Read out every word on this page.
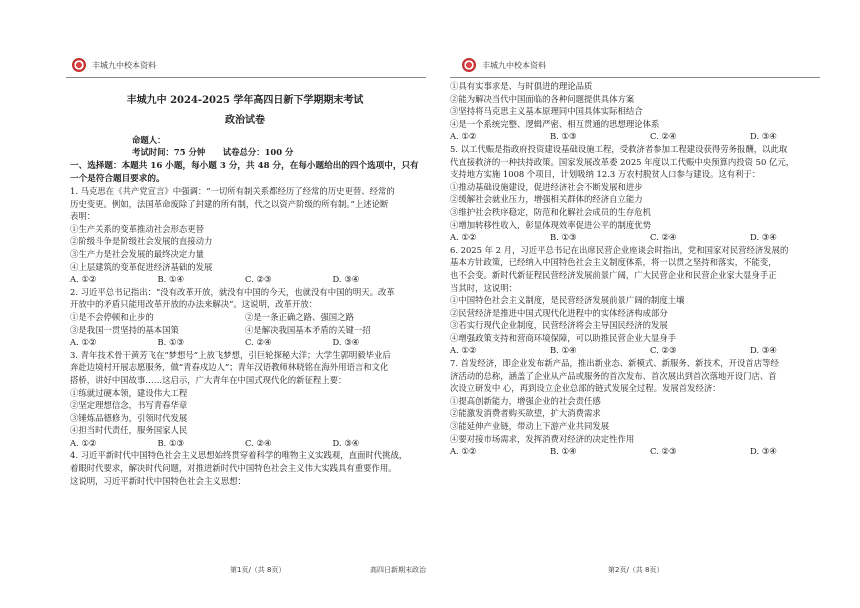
丰城九中校本资料
丰城九中 2024-2025 学年高四日新下学期期末考试
政治试卷
命题人：
考试时间：75 分钟      试卷总分：100 分
一、选择题：本题共 16 小题，每小题 3 分，共 48 分，在每小题给出的四个选项中，只有一个是符合题目要求的。

1. 马克思在《共产党宣言》中强调：“一切所有制关系都经历了经常的历史更替、经常的

历史变更。例如，法国革命废除了封建的所有制，代之以资产阶级的所有制。”上述论断

表明：

①生产关系的变革推动社会形态更替

②阶级斗争是阶级社会发展的直接动力

③生产力是社会发展的最终决定力量

④上层建筑的变革促进经济基础的发展

A. ①②	B. ①④	C. ②③	D. ③④

2. 习近平总书记指出：“没有改革开放，就没有中国的今天，也就没有中国的明天。改革

开放中的矛盾只能用改革开放的办法来解决”。这说明，改革开放：

①是不会停顿和止步的	②是一条正确之路、强国之路
③是我国一贯坚持的基本国策	④是解决我国基本矛盾的关键一招
A. ①②	B. ①③	C. ②④	D. ③④

3. 青年技术骨干黄芳飞在“梦想号”上放飞梦想，引巨轮探秘大洋；大学生郭明毅毕业后

奔赴边境村开展志愿服务，做“青春戍边人”；青年汉语教师林晓铭在海外用语言和文化

搭桥，讲好中国故事……这启示，广大青年在中国式现代化的新征程上要：

①练就过硬本领，建设伟大工程

②坚定理想信念，书写青春华章

③锤炼品德修为，引领时代发展

④担当时代责任，服务国家人民

A. ①②	B. ①③	C. ②④	D. ③④

4. 习近平新时代中国特色社会主义思想始终贯穿着科学的唯物主义实践观，直面时代挑战，

着眼时代要求，解决时代问题，对推进新时代中国特色社会主义伟大实践具有重要作用。

这说明，习近平新时代中国特色社会主义思想：

第1页/（共 8页）	高四日新期末政治
丰城九中校本资料

①具有实事求是、与时俱进的理论品质

②能为解决当代中国面临的各种问题提供具体方案

③坚持将马克思主义基本原理同中国具体实际相结合

④是一个系统完整、逻辑严密、相互贯通的思想理论体系

A. ①②	B. ①③	C. ②④	D. ③④

5. 以工代赈是指政府投资建设基础设施工程，受救济者参加工程建设获得劳务报酬，以此取

代直接救济的一种扶持政策。国家发展改革委 2025 年度以工代赈中央预算内投资 50 亿元，

支持地方实施 1008 个项目，计划吸纳 12.3 万农村脱贫人口参与建设。这有利于：

①推动基础设施建设，促进经济社会不断发展和进步

②缓解社会就业压力，增强相关群体的经济自立能力

③维护社会秩序稳定，防范和化解社会成员的生存危机

④增加转移性收入，彰显体现效率促进公平的制度优势

A. ①②	B. ①③	C. ②④	D. ③④

6. 2025 年 2 月，习近平总书记在出席民营企业座谈会时指出，党和国家对民营经济发展的

基本方针政策，已经纳入中国特色社会主义制度体系，将一以贯之坚持和落实，不能变，

也不会变。新时代新征程民营经济发展前景广阔，广大民营企业和民营企业家大显身手正

当其时，这说明：

①中国特色社会主义制度，是民营经济发展前景广阔的制度土壤

②民营经济是推进中国式现代化进程中的实体经济构成部分

③若实行现代企业制度，民营经济将会主导国民经济的发展

④增强政策支持和营商环境保障，可以助推民营企业大显身手

A. ①②	B. ①④	C. ②③	D. ③④

7. 首发经济，即企业发布新产品，推出新业态、新模式、新服务、新技术，开设首店等经

济活动的总称，涵盖了企业从产品或服务的首次发布、首次展出到首次落地开设门店、首

次设立研发中 心，再到设立企业总部的链式发展全过程。发展首发经济：

①提高创新能力，增强企业的社会责任感

②能激发消费者购买欲望，扩大消费需求

③能延伸产业链，带动上下游产业共同发展

④要对接市场需求，发挥消费对经济的决定性作用

A. ①②	B. ①④	C. ②③	D. ③④
第2页/（共 8页）
